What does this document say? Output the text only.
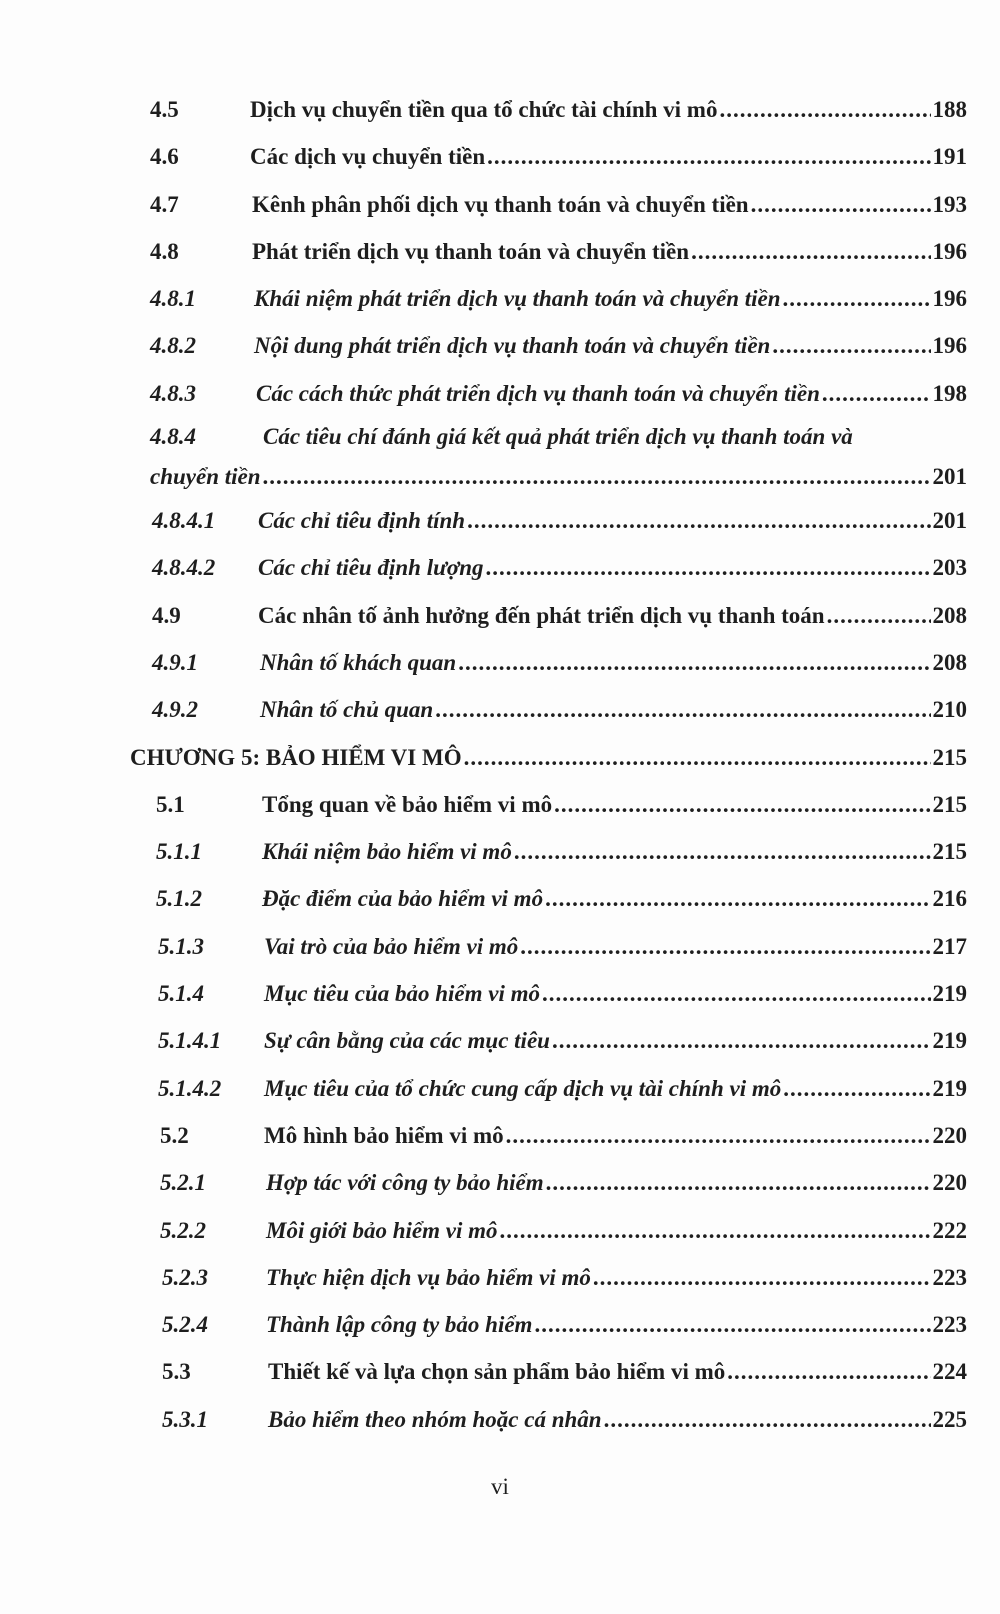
4.5	Dịch vụ chuyển tiền qua tổ chức tài chính vi mô .....	188
4.6	Các dịch vụ chuyển tiền .....	191
4.7	Kênh phân phối dịch vụ thanh toán và chuyển tiền .....	193
4.8	Phát triển dịch vụ thanh toán và chuyển tiền .....	196
4.8.1	Khái niệm phát triển dịch vụ thanh toán và chuyển tiền .....	196
4.8.2	Nội dung phát triển dịch vụ thanh toán và chuyển tiền .....	196
4.8.3	Các cách thức phát triển dịch vụ thanh toán và chuyển tiền .....	198
4.8.4	Các tiêu chí đánh giá kết quả phát triển dịch vụ thanh toán và
chuyển tiền .....	201
4.8.4.1 Các chỉ tiêu định tính .....	201
4.8.4.2 Các chỉ tiêu định lượng .....	203
4.9	Các nhân tố ảnh hưởng đến phát triển dịch vụ thanh toán .....	208
4.9.1	Nhân tố khách quan .....	208
4.9.2	Nhân tố chủ quan .....	210
CHƯƠNG 5: BẢO HIỂM VI MÔ .....	215
5.1	Tổng quan về bảo hiểm vi mô .....	215
5.1.1	Khái niệm bảo hiểm vi mô .....	215
5.1.2	Đặc điểm của bảo hiểm vi mô .....	216
5.1.3	Vai trò của bảo hiểm vi mô .....	217
5.1.4	Mục tiêu của bảo hiểm vi mô .....	219
5.1.4.1 Sự cân bằng của các mục tiêu .....	219
5.1.4.2 Mục tiêu của tổ chức cung cấp dịch vụ tài chính vi mô .....	219
5.2	Mô hình bảo hiểm vi mô .....	220
5.2.1	Hợp tác với công ty bảo hiểm .....	220
5.2.2	Môi giới bảo hiểm vi mô .....	222
5.2.3	Thực hiện dịch vụ bảo hiểm vi mô .....	223
5.2.4	Thành lập công ty bảo hiểm .....	223
5.3	Thiết kế và lựa chọn sản phẩm bảo hiểm vi mô .....	224
5.3.1	Bảo hiểm theo nhóm hoặc cá nhân .....	225
vi
